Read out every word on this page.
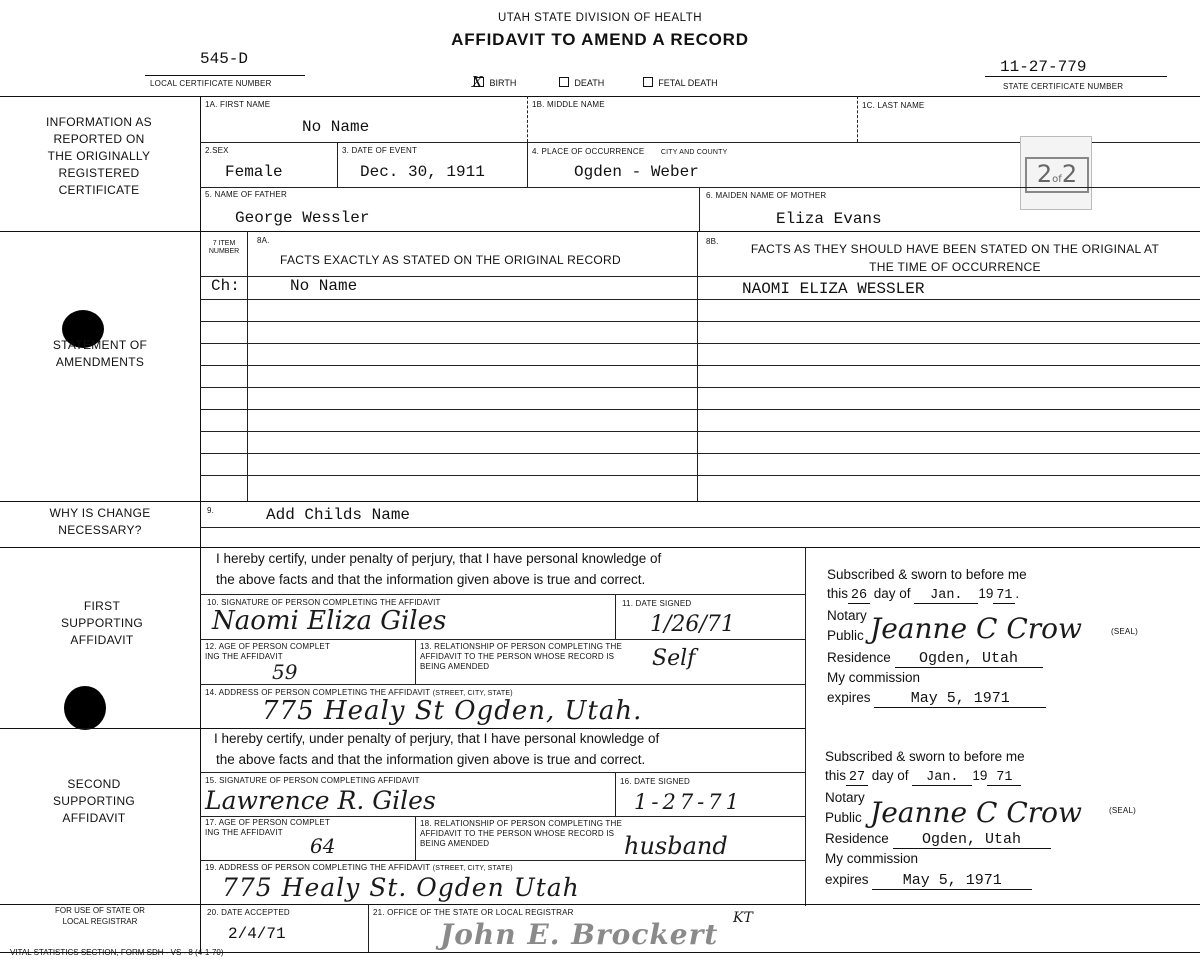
UTAH STATE DIVISION OF HEALTH
AFFIDAVIT TO AMEND A RECORD
545-D
LOCAL CERTIFICATE NUMBER	X BIRTH	DEATH	FETAL DEATH
11-27-779
STATE CERTIFICATE NUMBER
INFORMATION AS REPORTED ON THE ORIGINALLY REGISTERED CERTIFICATE
1A. FIRST NAME
No Name
1B. MIDDLE NAME	1C. LAST NAME
2.SEX
Female
3. DATE OF EVENT
Dec. 30, 1911
4. PLACE OF OCCURRENCE CITY AND COUNTY
Ogden - Weber	2of2
5. NAME OF FATHER
George Wessler
6. MAIDEN NAME OF MOTHER
Eliza Evans
STATEMENT OF AMENDMENTS
7 ITEM NUMBER
8A.
FACTS EXACTLY AS STATED ON THE ORIGINAL RECORD
8B.
FACTS AS THEY SHOULD HAVE BEEN STATED ON THE ORIGINAL AT THE TIME OF OCCURRENCE
Ch:	No Name	NAOMI ELIZA WESSLER
WHY IS CHANGE NECESSARY?
9.	Add Childs Name
FIRST SUPPORTING AFFIDAVIT
I hereby certify, under penalty of perjury, that I have personal knowledge of
the above facts and that the information given above is true and correct.
10. SIGNATURE OF PERSON COMPLETING THE AFFIDAVIT
Naomi Eliza Giles
11. DATE SIGNED
1/26/71
12. AGE OF PERSON COMPLET
ING THE AFFIDAVIT
59
13. RELATIONSHIP OF PERSON COMPLETING THE
AFFIDAVIT TO THE PERSON WHOSE RECORD IS
BEING AMENDED	Self
14. ADDRESS OF PERSON COMPLETING THE AFFIDAVIT (STREET, CITY, STATE)
775 Healy St Ogden, Utah.
Subscribed & sworn to before me
this 26 day of Jan. 19 71 .
Notary
Public Jeanne C Crow	(SEAL)
Residence Ogden, Utah
My commission
expires	May 5, 1971
SECOND SUPPORTING AFFIDAVIT
I hereby certify, under penalty of perjury, that I have personal knowledge of
the above facts and that the information given above is true and correct.
15. SIGNATURE OF PERSON COMPLETING AFFIDAVIT
Lawrence R. Giles
16. DATE SIGNED
1-27-71
17. AGE OF PERSON COMPLET
ING THE AFFIDAVIT
64
18. RELATIONSHIP OF PERSON COMPLETING THE
AFFIDAVIT TO THE PERSON WHOSE RECORD IS
BEING AMENDED	husband
19. ADDRESS OF PERSON COMPLETING THE AFFIDAVIT (STREET, CITY, STATE)
775 Healy St. Ogden Utah
Subscribed & sworn to before me
this 27 day of Jan. 19 71
Notary
Public Jeanne C Crow	(SEAL)
Residence Ogden, Utah
My commission
expires May 5, 1971
FOR USE OF STATE OR LOCAL REGISTRAR
20. DATE ACCEPTED
2/4/71
21. OFFICE OF THE STATE OR LOCAL REGISTRAR
John E. Brockert KT
VITAL STATISTICS SECTION, FORM SDH - VS - 8 (4-1-70)
